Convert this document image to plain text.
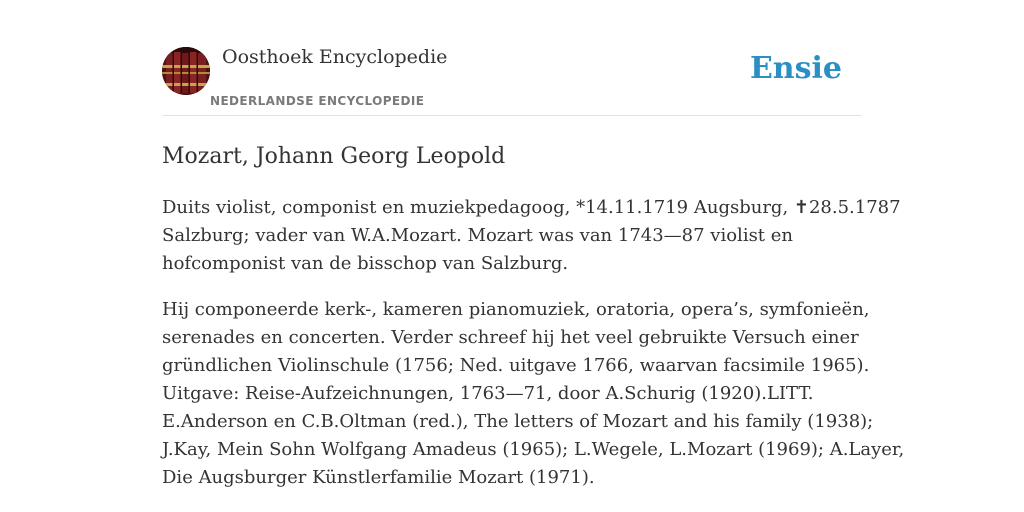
Oosthoek Encyclopedie
NEDERLANDSE ENCYCLOPEDIE
Ensie
Mozart, Johann Georg Leopold

Duits violist, componist en muziekpedagoog, *14.11.1719 Augsburg, ✝28.5.1787
Salzburg; vader van W.A.Mozart. Mozart was van 1743—87 violist en
hofcomponist van de bisschop van Salzburg.

Hij componeerde kerk-, kameren pianomuziek, oratoria, opera’s, symfonieën,
serenades en concerten. Verder schreef hij het veel gebruikte Versuch einer
gründlichen Violinschule (1756; Ned. uitgave 1766, waarvan facsimile 1965).
Uitgave: Reise-Aufzeichnungen, 1763—71, door A.Schurig (1920).LITT.
E.Anderson en C.B.Oltman (red.), The letters of Mozart and his family (1938);
J.Kay, Mein Sohn Wolfgang Amadeus (1965); L.Wegele, L.Mozart (1969); A.Layer,
Die Augsburger Künstlerfamilie Mozart (1971).
